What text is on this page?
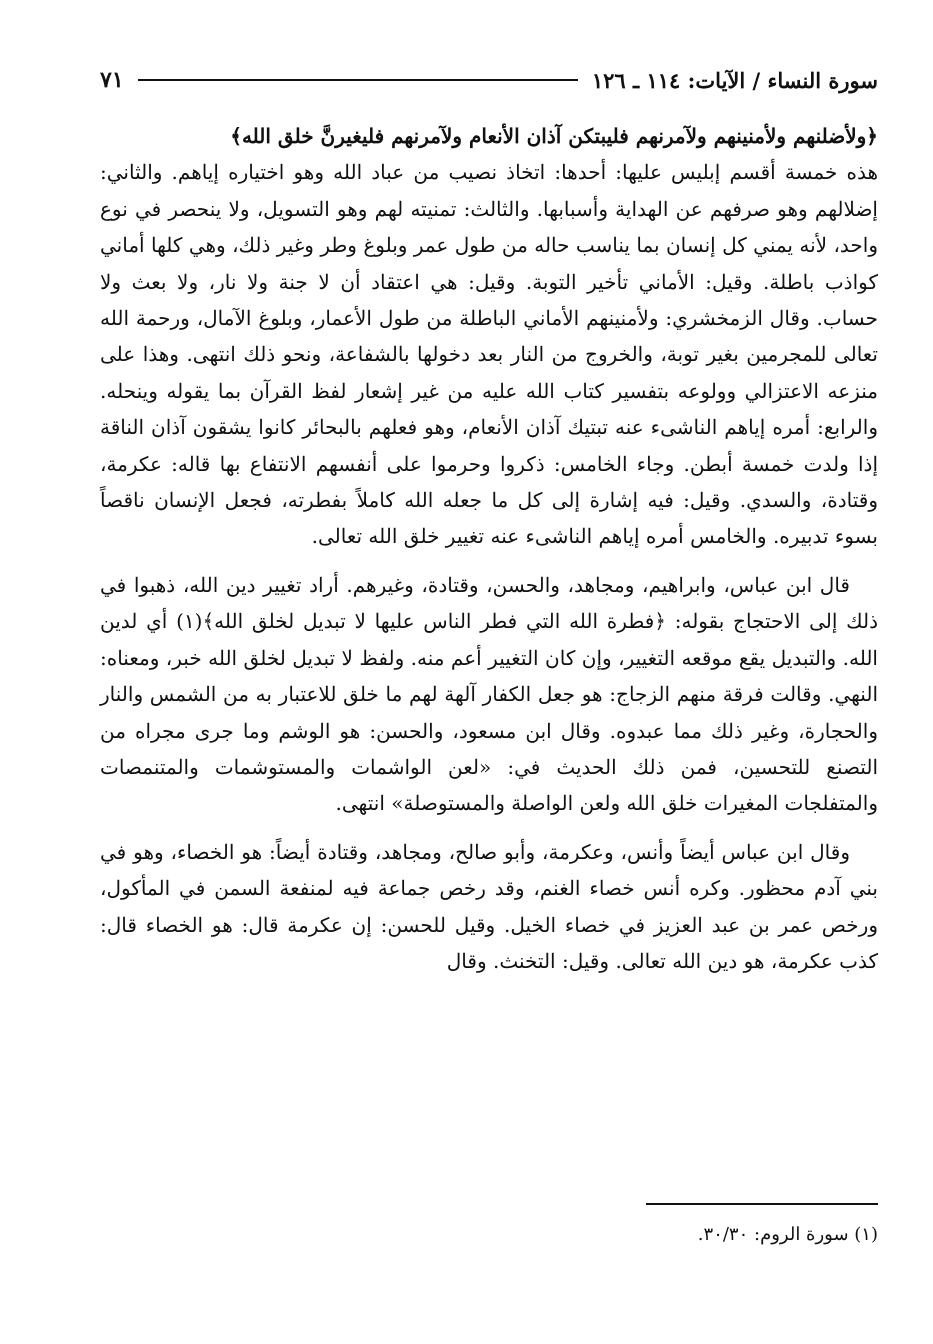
سورة النساء / الآيات: ١١٤ ـ ١٢٦
٧١

﴿ولأضلنهم ولأمنينهم ولآمرنهم فليبتكن آذان الأنعام ولآمرنهم فليغيرنَّ خلق الله﴾

هذه خمسة أقسم إبليس عليها: أحدها: اتخاذ نصيب من عباد الله وهو اختياره إياهم. والثاني: إضلالهم وهو صرفهم عن الهداية وأسبابها. والثالث: تمنيته لهم وهو التسويل، ولا ينحصر في نوع واحد، لأنه يمني كل إنسان بما يناسب حاله من طول عمر وبلوغ وطر وغير ذلك، وهي كلها أماني كواذب باطلة. وقيل: الأماني تأخير التوبة. وقيل: هي اعتقاد أن لا جنة ولا نار، ولا بعث ولا حساب. وقال الزمخشري: ولأمنينهم الأماني الباطلة من طول الأعمار، وبلوغ الآمال، ورحمة الله تعالى للمجرمين بغير توبة، والخروج من النار بعد دخولها بالشفاعة، ونحو ذلك انتهى. وهذا على منزعه الاعتزالي وولوعه بتفسير كتاب الله عليه من غير إشعار لفظ القرآن بما يقوله وينحله. والرابع: أمره إياهم الناشىء عنه تبتيك آذان الأنعام، وهو فعلهم بالبحائر كانوا يشقون آذان الناقة إذا ولدت خمسة أبطن. وجاء الخامس: ذكروا وحرموا على أنفسهم الانتفاع بها قاله: عكرمة، وقتادة، والسدي. وقيل: فيه إشارة إلى كل ما جعله الله كاملاً بفطرته، فجعل الإنسان ناقصاً بسوء تدبيره. والخامس أمره إياهم الناشىء عنه تغيير خلق الله تعالى.

قال ابن عباس، وابراهيم، ومجاهد، والحسن، وقتادة، وغيرهم. أراد تغيير دين الله، ذهبوا في ذلك إلى الاحتجاج بقوله: ﴿فطرة الله التي فطر الناس عليها لا تبديل لخلق الله﴾(١) أي لدين الله. والتبديل يقع موقعه التغيير، وإن كان التغيير أعم منه. ولفظ لا تبديل لخلق الله خبر، ومعناه: النهي. وقالت فرقة منهم الزجاج: هو جعل الكفار آلهة لهم ما خلق للاعتبار به من الشمس والنار والحجارة، وغير ذلك مما عبدوه. وقال ابن مسعود، والحسن: هو الوشم وما جرى مجراه من التصنع للتحسين، فمن ذلك الحديث في: «لعن الواشمات والمستوشمات والمتنمصات والمتفلجات المغيرات خلق الله ولعن الواصلة والمستوصلة» انتهى.

وقال ابن عباس أيضاً وأنس، وعكرمة، وأبو صالح، ومجاهد، وقتادة أيضاً: هو الخصاء، وهو في بني آدم محظور. وكره أنس خصاء الغنم، وقد رخص جماعة فيه لمنفعة السمن في المأكول، ورخص عمر بن عبد العزيز في خصاء الخيل. وقيل للحسن: إن عكرمة قال: هو الخصاء قال: كذب عكرمة، هو دين الله تعالى. وقيل: التخنث. وقال

(١) سورة الروم: ٣٠/٣٠.
